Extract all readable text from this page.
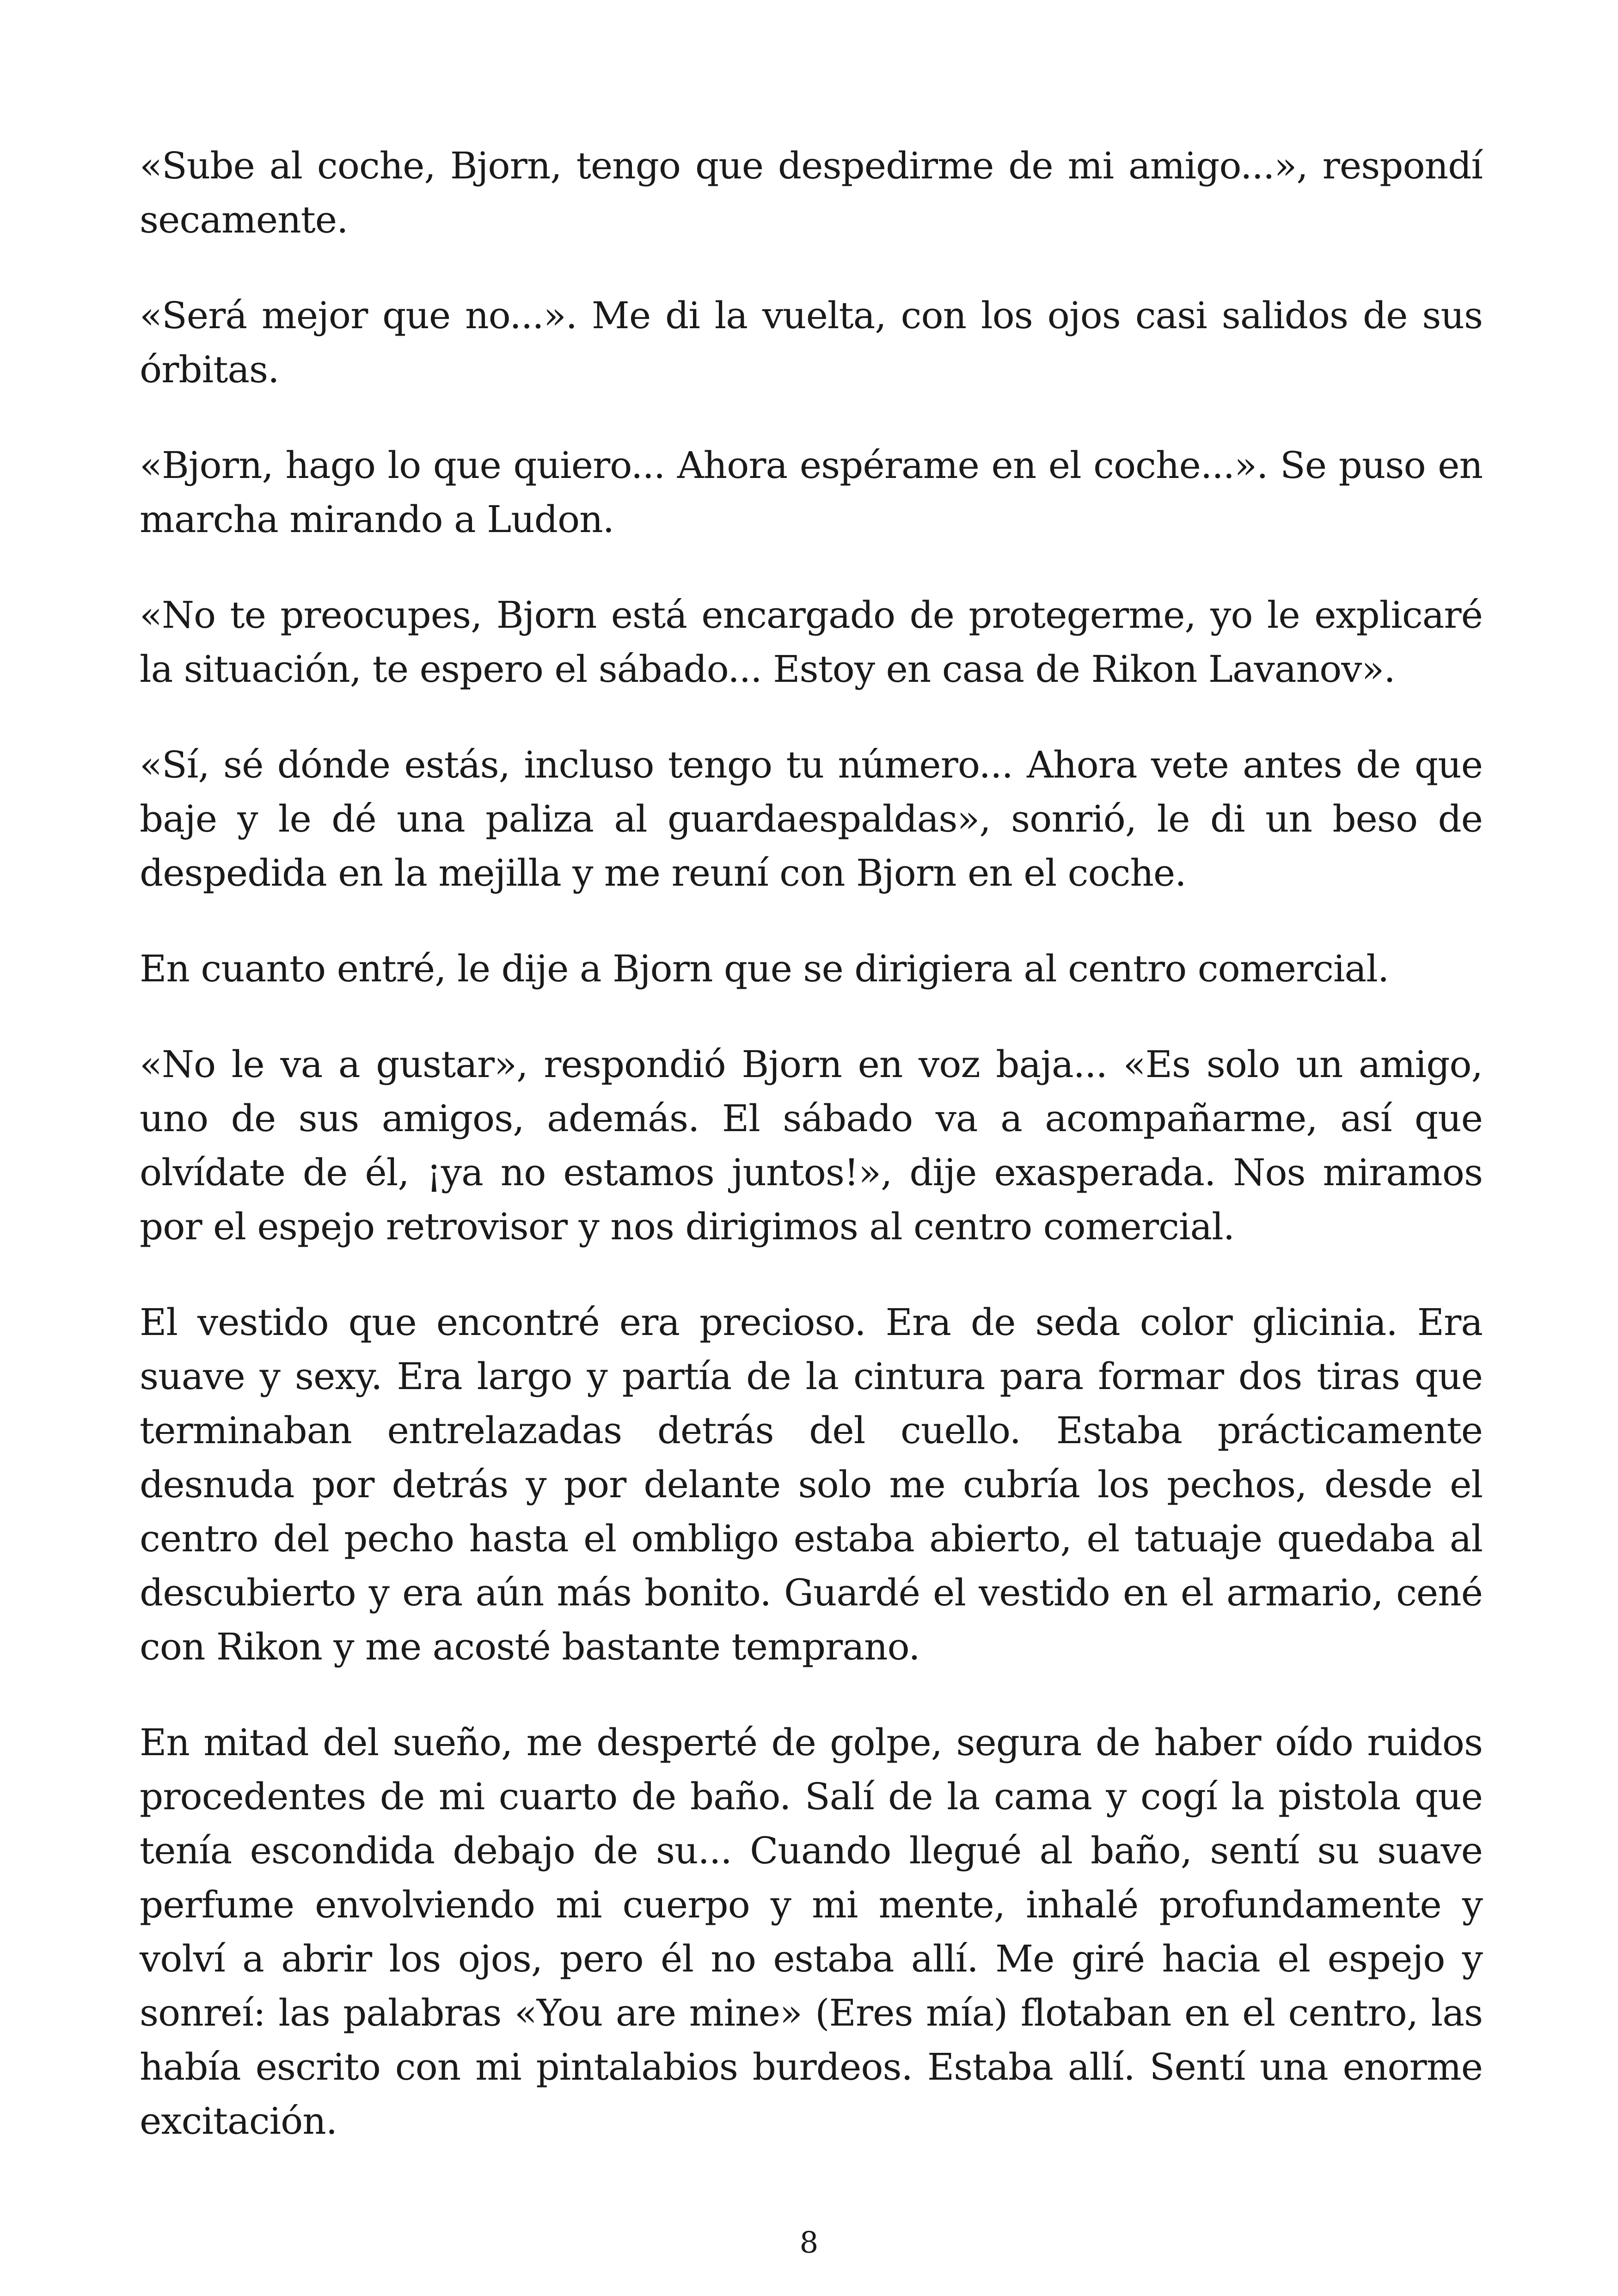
«Sube al coche, Bjorn, tengo que despedirme de mi amigo...», respondí secamente.

«Será mejor que no...». Me di la vuelta, con los ojos casi salidos de sus órbitas.

«Bjorn, hago lo que quiero... Ahora espérame en el coche...». Se puso en marcha mirando a Ludon.

«No te preocupes, Bjorn está encargado de protegerme, yo le explicaré la situación, te espero el sábado... Estoy en casa de Rikon Lavanov».

«Sí, sé dónde estás, incluso tengo tu número... Ahora vete antes de que baje y le dé una paliza al guardaespaldas», sonrió, le di un beso de despedida en la mejilla y me reuní con Bjorn en el coche.

En cuanto entré, le dije a Bjorn que se dirigiera al centro comercial.

«No le va a gustar», respondió Bjorn en voz baja... «Es solo un amigo, uno de sus amigos, además. El sábado va a acompañarme, así que olvídate de él, ¡ya no estamos juntos!», dije exasperada. Nos miramos por el espejo retrovisor y nos dirigimos al centro comercial.

El vestido que encontré era precioso. Era de seda color glicinia. Era suave y sexy. Era largo y partía de la cintura para formar dos tiras que terminaban entrelazadas detrás del cuello. Estaba prácticamente desnuda por detrás y por delante solo me cubría los pechos, desde el centro del pecho hasta el ombligo estaba abierto, el tatuaje quedaba al descubierto y era aún más bonito. Guardé el vestido en el armario, cené con Rikon y me acosté bastante temprano.

En mitad del sueño, me desperté de golpe, segura de haber oído ruidos procedentes de mi cuarto de baño. Salí de la cama y cogí la pistola que tenía escondida debajo de su... Cuando llegué al baño, sentí su suave perfume envolviendo mi cuerpo y mi mente, inhalé profundamente y volví a abrir los ojos, pero él no estaba allí. Me giré hacia el espejo y sonreí: las palabras «You are mine» (Eres mía) flotaban en el centro, las había escrito con mi pintalabios burdeos. Estaba allí. Sentí una enorme excitación.

8
